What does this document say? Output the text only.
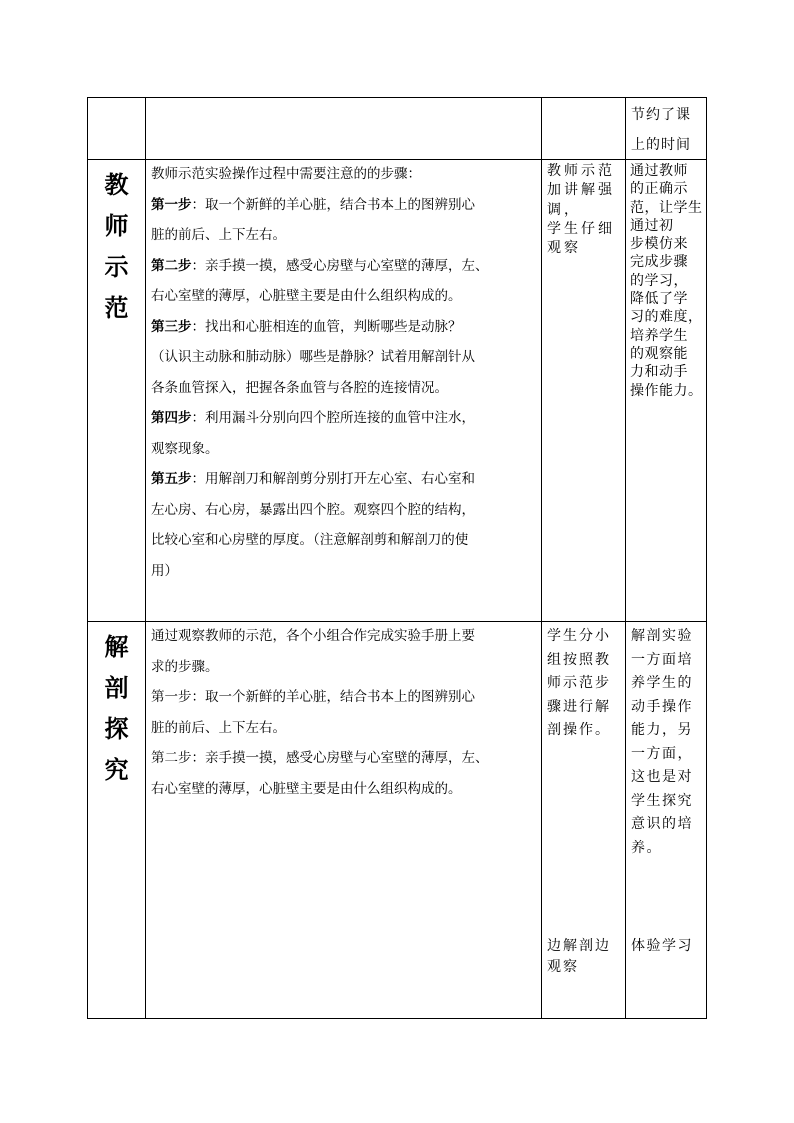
节约了课
上的时间
教
师
示
范

教师示范实验操作过程中需要注意的的步骤：

第一步：取一个新鲜的羊心脏，结合书本上的图辨别心

脏的前后、上下左右。

第二步：亲手摸一摸，感受心房壁与心室壁的薄厚，左、

右心室壁的薄厚，心脏壁主要是由什么组织构成的。

第三步：找出和心脏相连的血管，判断哪些是动脉？

（认识主动脉和肺动脉）哪些是静脉？试着用解剖针从

各条血管探入，把握各条血管与各腔的连接情况。

第四步：利用漏斗分别向四个腔所连接的血管中注水，

观察现象。

第五步：用解剖刀和解剖剪分别打开左心室、右心室和

左心房、右心房，暴露出四个腔。观察四个腔的结构，

比较心室和心房壁的厚度。（注意解剖剪和解剖刀的使

用）

教师示范
加讲解强
调，
学生仔细
观察
通过教师
的正确示
范，让学生
通过初
步模仿来
完成步骤
的学习，
降低了学
习的难度，
培养学生
的观察能
力和动手
操作能力。
解
剖
探
究

通过观察教师的示范，各个小组合作完成实验手册上要

求的步骤。

第一步：取一个新鲜的羊心脏，结合书本上的图辨别心

脏的前后、上下左右。

第二步：亲手摸一摸，感受心房壁与心室壁的薄厚，左、

右心室壁的薄厚，心脏壁主要是由什么组织构成的。

学生分小
组按照教
师示范步
骤进行解
剖操作。
边解剖边
观察
解剖实验
一方面培
养学生的
动手操作
能力，另
一方面，
这也是对
学生探究
意识的培
养。
体验学习
